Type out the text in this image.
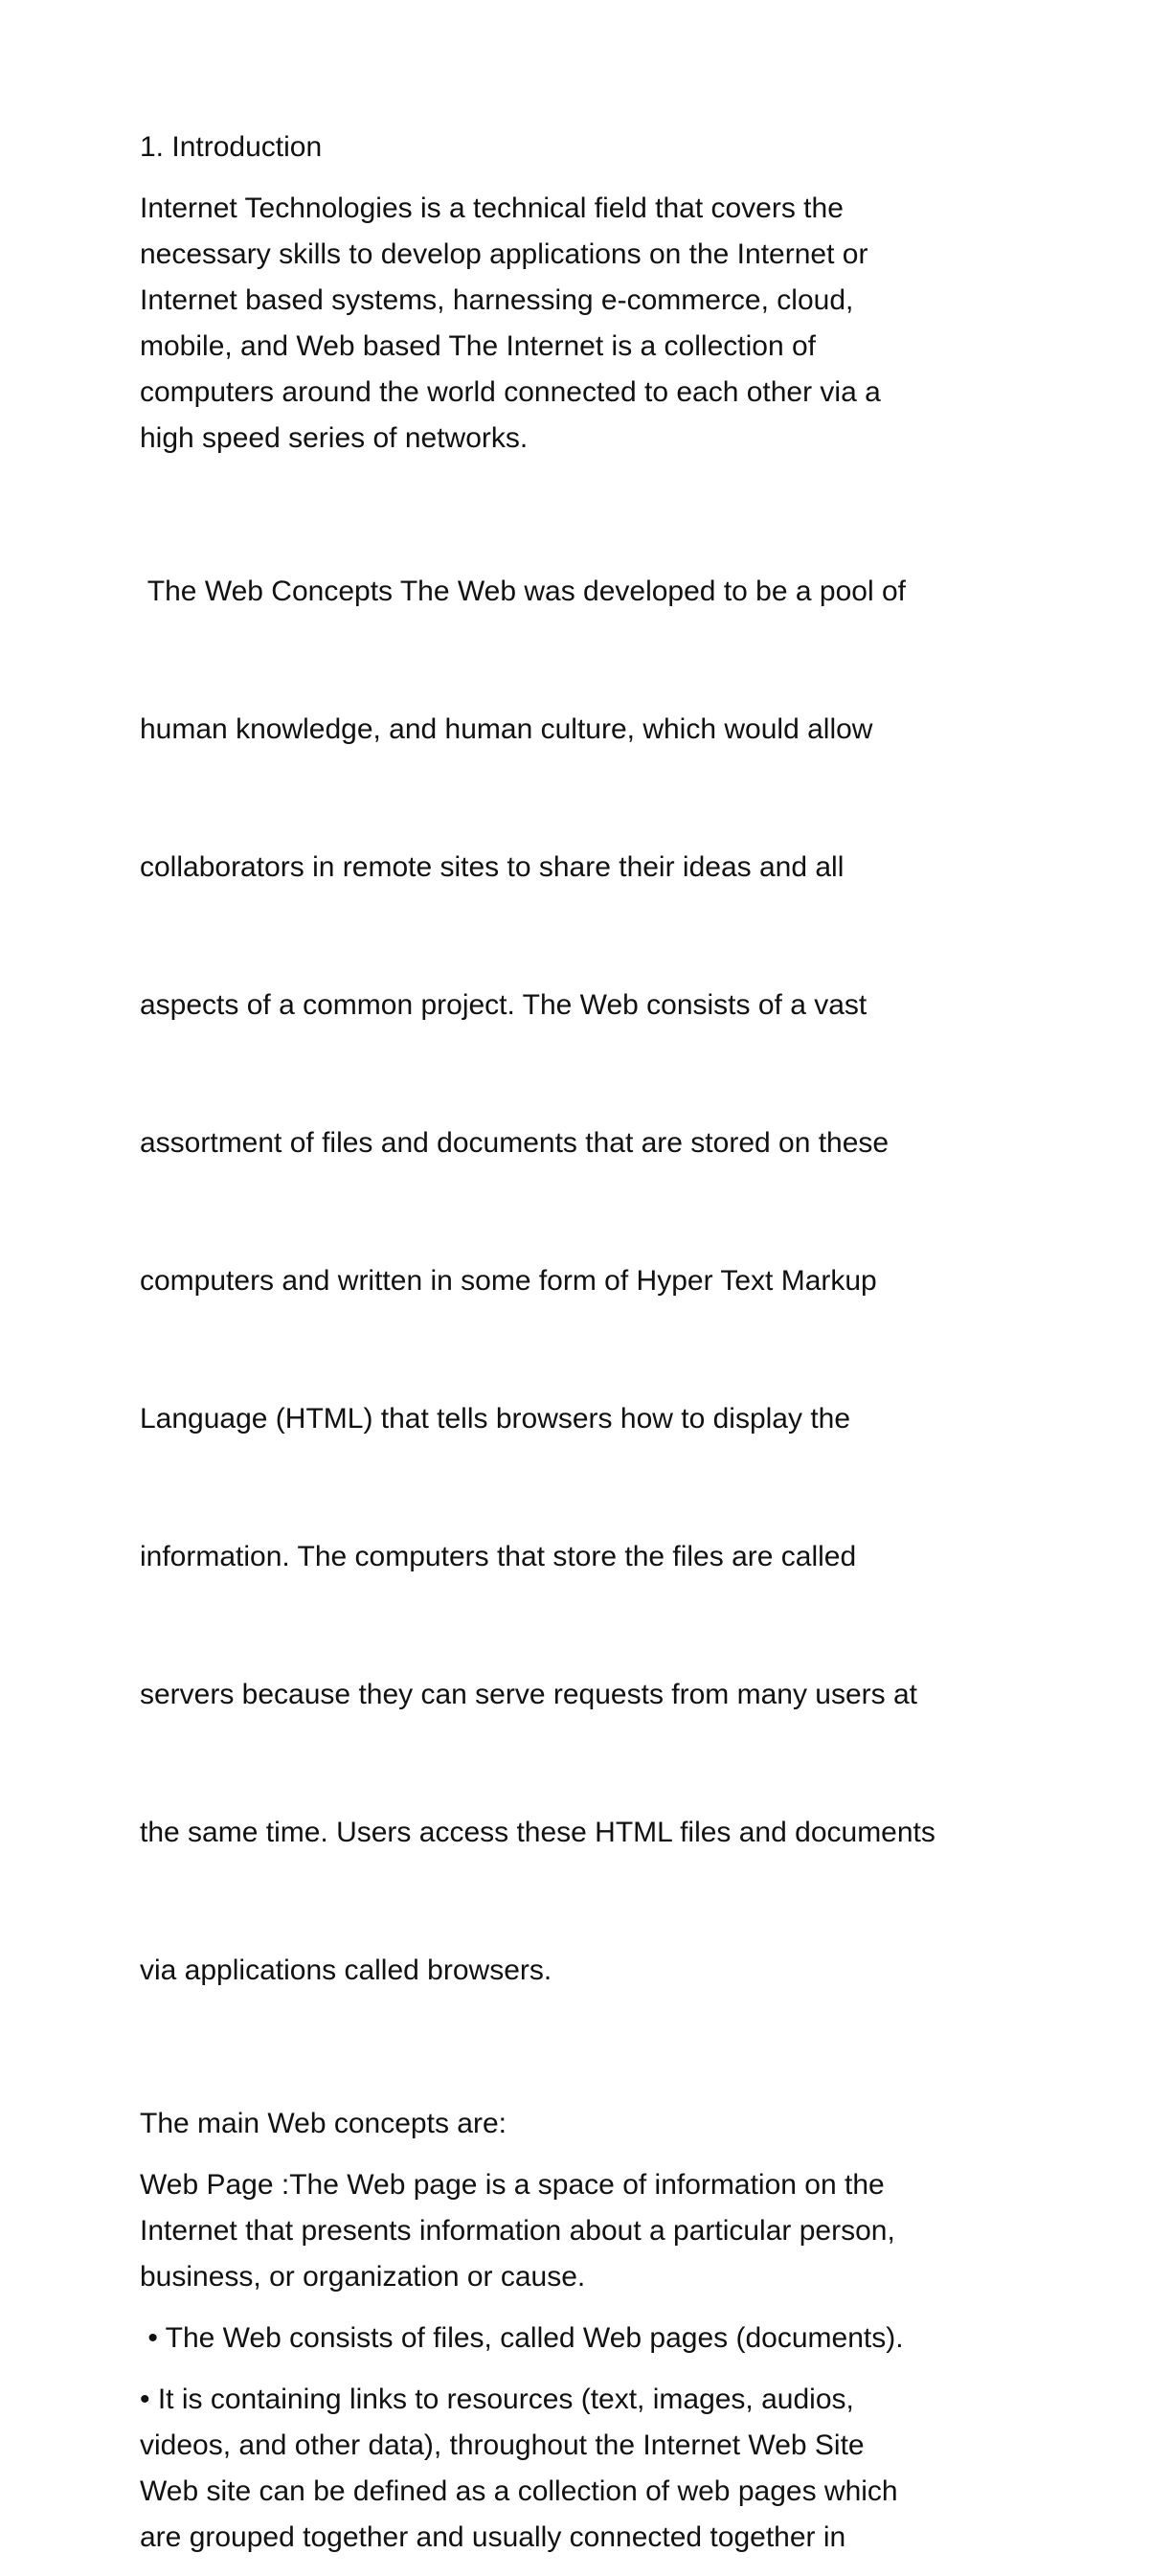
1. Introduction

Internet Technologies is a technical field that covers the
necessary skills to develop applications on the Internet or
Internet based systems, harnessing e-commerce, cloud,
mobile, and Web based The Internet is a collection of
computers around the world connected to each other via a
high speed series of networks.

The Web Concepts The Web was developed to be a pool of

human knowledge, and human culture, which would allow

collaborators in remote sites to share their ideas and all

aspects of a common project. The Web consists of a vast

assortment of files and documents that are stored on these

computers and written in some form of Hyper Text Markup

Language (HTML) that tells browsers how to display the

information. The computers that store the files are called

servers because they can serve requests from many users at

the same time. Users access these HTML files and documents

via applications called browsers.

The main Web concepts are:

Web Page :The Web page is a space of information on the
Internet that presents information about a particular person,
business, or organization or cause.

• The Web consists of files, called Web pages (documents).

• It is containing links to resources (text, images, audios,
videos, and other data), throughout the Internet Web Site
Web site can be defined as a collection of web pages which
are grouped together and usually connected together in
